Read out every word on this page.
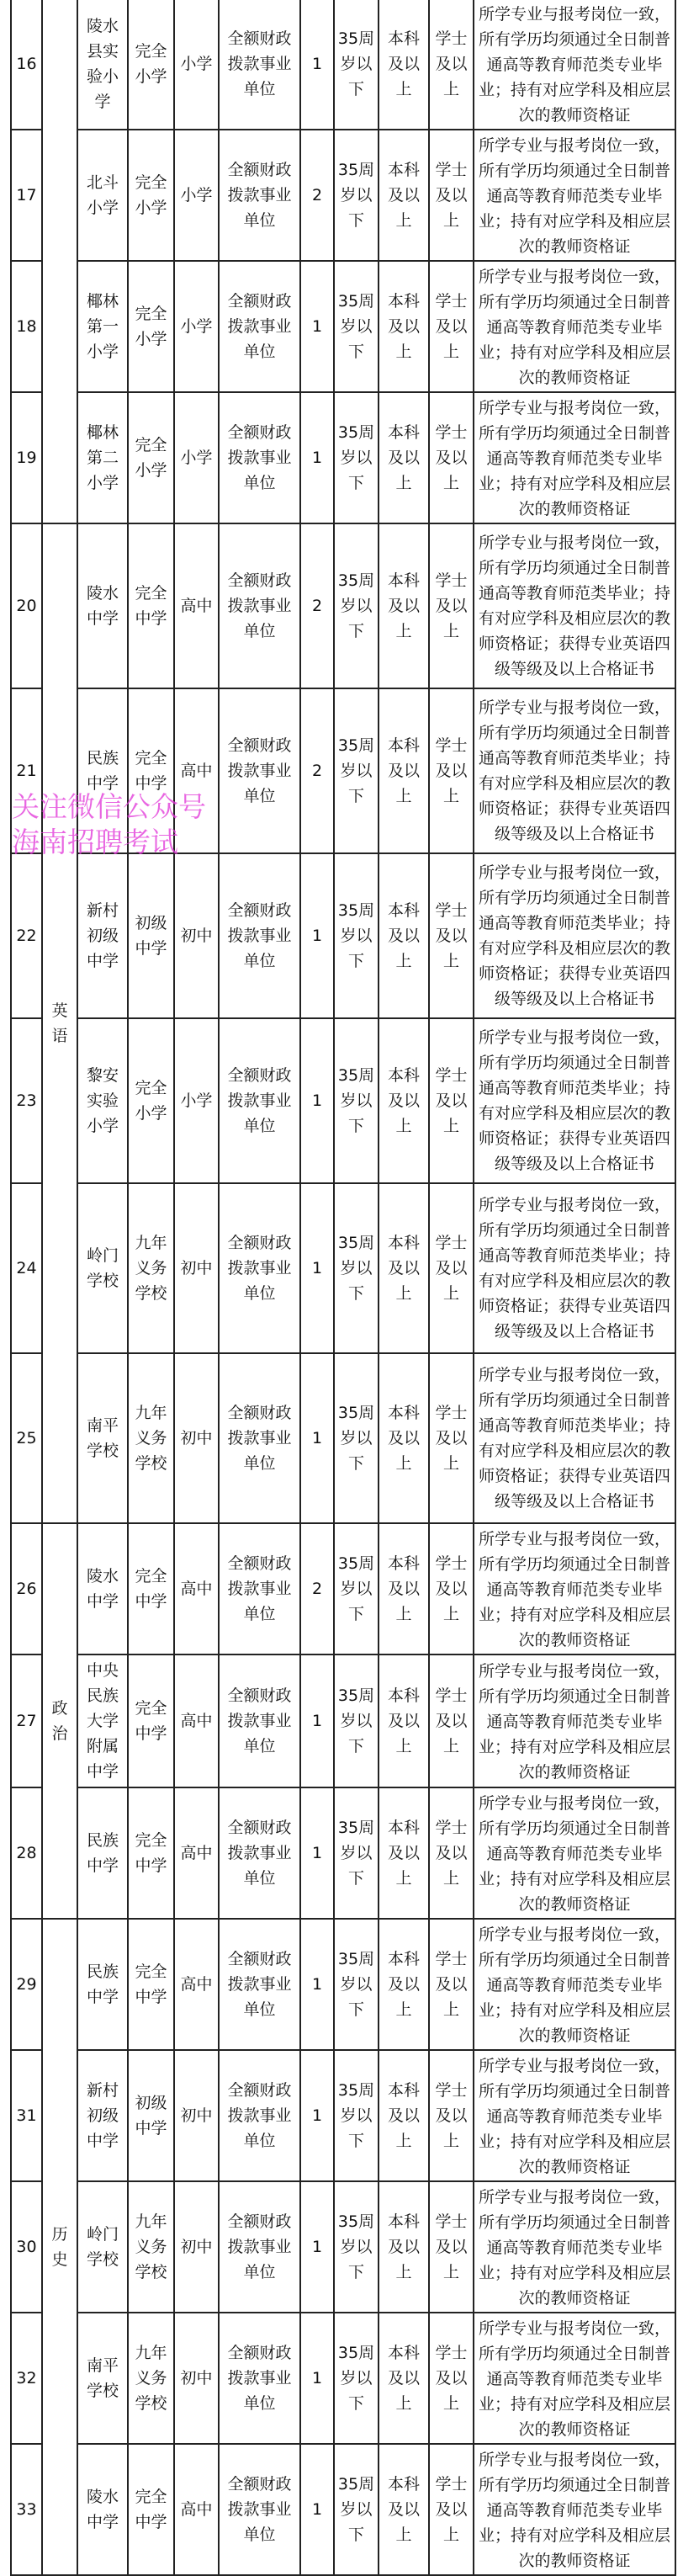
16		陵水县实验小学	完全小学	小学	全额财政拨款事业单位	1	35周岁以下	本科及以上	学士及以上	所学专业与报考岗位一致，所有学历均须通过全日制普通高等教育师范类专业毕业；持有对应学科及相应层次的教师资格证

17		北斗小学	完全小学	小学	全额财政拨款事业单位	2	35周岁以下	本科及以上	学士及以上	所学专业与报考岗位一致，所有学历均须通过全日制普通高等教育师范类专业毕业；持有对应学科及相应层次的教师资格证

18		椰林第一小学	完全小学	小学	全额财政拨款事业单位	1	35周岁以下	本科及以上	学士及以上	所学专业与报考岗位一致，所有学历均须通过全日制普通高等教育师范类专业毕业；持有对应学科及相应层次的教师资格证

19		椰林第二小学	完全小学	小学	全额财政拨款事业单位	1	35周岁以下	本科及以上	学士及以上	所学专业与报考岗位一致，所有学历均须通过全日制普通高等教育师范类专业毕业；持有对应学科及相应层次的教师资格证

20	英语	陵水中学	完全中学	高中	全额财政拨款事业单位	2	35周岁以下	本科及以上	学士及以上	所学专业与报考岗位一致，所有学历均须通过全日制普通高等教育师范类毕业；持有对应学科及相应层次的教师资格证；获得专业英语四级等级及以上合格证书

21		民族中学	完全中学	高中	全额财政拨款事业单位	2	35周岁以下	本科及以上	学士及以上	所学专业与报考岗位一致，所有学历均须通过全日制普通高等教育师范类毕业；持有对应学科及相应层次的教师资格证；获得专业英语四级等级及以上合格证书

22		新村初级中学	初级中学	初中	全额财政拨款事业单位	1	35周岁以下	本科及以上	学士及以上	所学专业与报考岗位一致，所有学历均须通过全日制普通高等教育师范类毕业；持有对应学科及相应层次的教师资格证；获得专业英语四级等级及以上合格证书

23		黎安实验小学	完全小学	小学	全额财政拨款事业单位	1	35周岁以下	本科及以上	学士及以上	所学专业与报考岗位一致，所有学历均须通过全日制普通高等教育师范类毕业；持有对应学科及相应层次的教师资格证；获得专业英语四级等级及以上合格证书

24		岭门学校	九年义务学校	初中	全额财政拨款事业单位	1	35周岁以下	本科及以上	学士及以上	所学专业与报考岗位一致，所有学历均须通过全日制普通高等教育师范类毕业；持有对应学科及相应层次的教师资格证；获得专业英语四级等级及以上合格证书

25		南平学校	九年义务学校	初中	全额财政拨款事业单位	1	35周岁以下	本科及以上	学士及以上	所学专业与报考岗位一致，所有学历均须通过全日制普通高等教育师范类毕业；持有对应学科及相应层次的教师资格证；获得专业英语四级等级及以上合格证书

26	政治	陵水中学	完全中学	高中	全额财政拨款事业单位	2	35周岁以下	本科及以上	学士及以上	所学专业与报考岗位一致，所有学历均须通过全日制普通高等教育师范类专业毕业；持有对应学科及相应层次的教师资格证

27		中央民族大学附属中学	完全中学	高中	全额财政拨款事业单位	1	35周岁以下	本科及以上	学士及以上	所学专业与报考岗位一致，所有学历均须通过全日制普通高等教育师范类专业毕业；持有对应学科及相应层次的教师资格证

28		民族中学	完全中学	高中	全额财政拨款事业单位	1	35周岁以下	本科及以上	学士及以上	所学专业与报考岗位一致，所有学历均须通过全日制普通高等教育师范类专业毕业；持有对应学科及相应层次的教师资格证

29	历史	民族中学	完全中学	高中	全额财政拨款事业单位	1	35周岁以下	本科及以上	学士及以上	所学专业与报考岗位一致，所有学历均须通过全日制普通高等教育师范类专业毕业；持有对应学科及相应层次的教师资格证

31		新村初级中学	初级中学	初中	全额财政拨款事业单位	1	35周岁以下	本科及以上	学士及以上	所学专业与报考岗位一致，所有学历均须通过全日制普通高等教育师范类专业毕业；持有对应学科及相应层次的教师资格证

30		岭门学校	九年义务学校	初中	全额财政拨款事业单位	1	35周岁以下	本科及以上	学士及以上	所学专业与报考岗位一致，所有学历均须通过全日制普通高等教育师范类专业毕业；持有对应学科及相应层次的教师资格证

32		南平学校	九年义务学校	初中	全额财政拨款事业单位	1	35周岁以下	本科及以上	学士及以上	所学专业与报考岗位一致，所有学历均须通过全日制普通高等教育师范类专业毕业；持有对应学科及相应层次的教师资格证

33		陵水中学	完全中学	高中	全额财政拨款事业单位	1	35周岁以下	本科及以上	学士及以上	所学专业与报考岗位一致，所有学历均须通过全日制普通高等教育师范类专业毕业；持有对应学科及相应层次的教师资格证
关注微信公众号
海南招聘考试
